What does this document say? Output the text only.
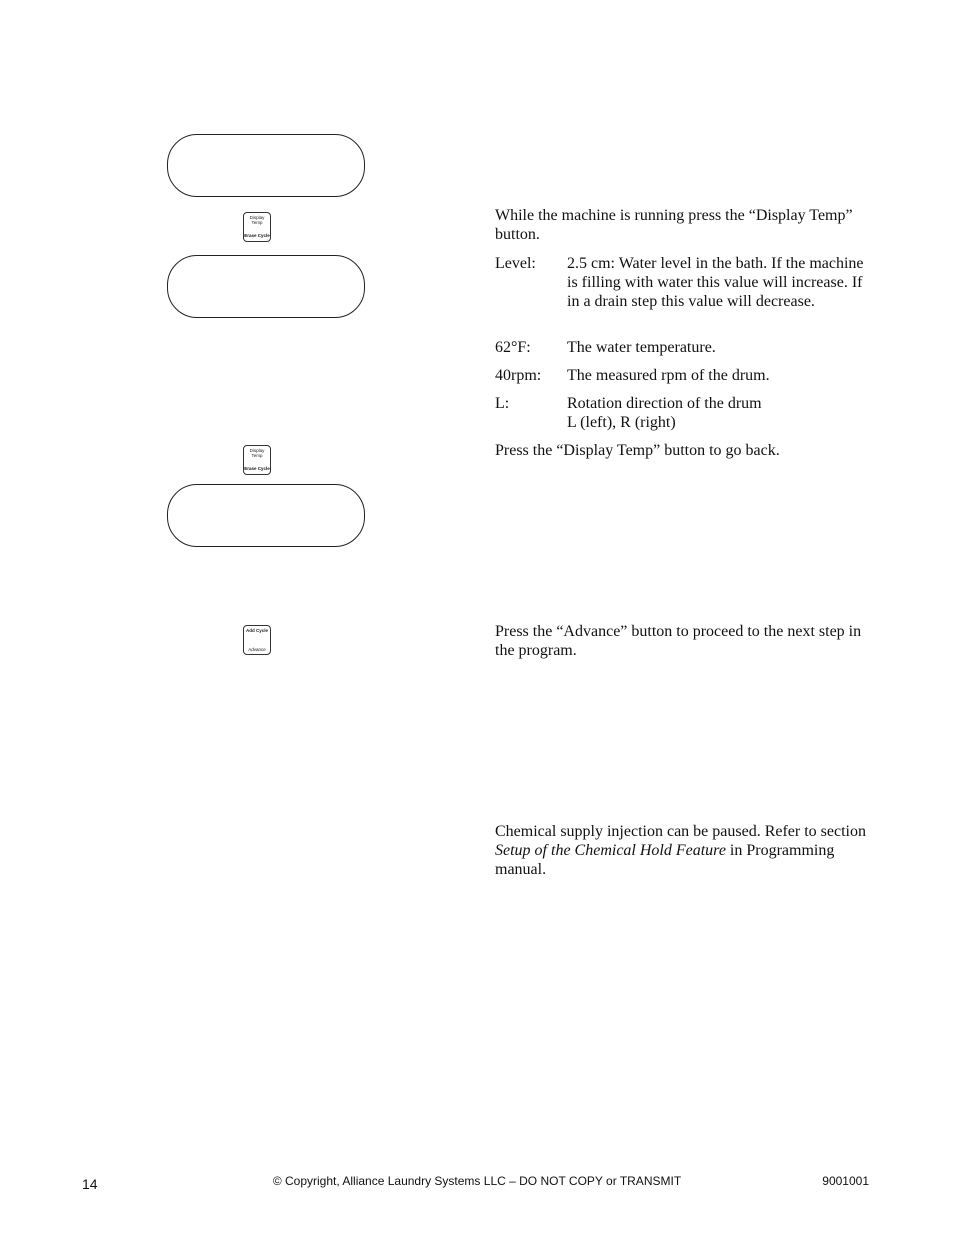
Display Temp
Erase Cycle
Display Temp
Erase Cycle
Add Cycle
Advance

While the machine is running press the “Display Temp” button.

Level: 2.5 cm: Water level in the bath. If the machine is filling with water this value will increase. If in a drain step this value will decrease.
62°F: The water temperature.
40rpm: The measured rpm of the drum.
L:	Rotation direction of the drum
L (left), R (right)

Press the “Display Temp” button to go back.

Press the “Advance” button to proceed to the next step in the program.

Chemical supply injection can be paused. Refer to section Setup of the Chemical Hold Feature in Programming manual.

14	© Copyright, Alliance Laundry Systems LLC – DO NOT COPY or TRANSMIT	9001001
